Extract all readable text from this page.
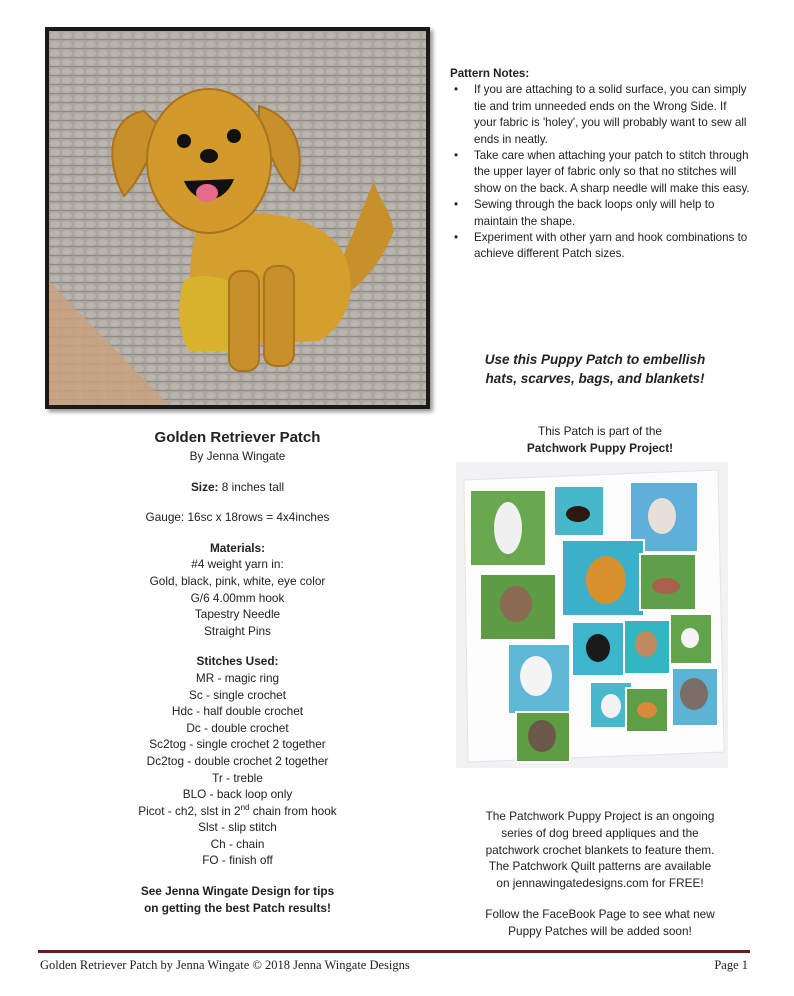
Pattern Notes:
• If you are attaching to a solid surface, you can simply tie and trim unneeded ends on the Wrong Side. If your fabric is 'holey', you will probably want to sew all ends in neatly.
• Take care when attaching your patch to stitch through the upper layer of fabric only so that no stitches will show on the back. A sharp needle will make this easy.
• Sewing through the back loops only will help to maintain the shape.
• Experiment with other yarn and hook combinations to achieve different Patch sizes.
Use this Puppy Patch to embellish
hats, scarves, bags, and blankets!
Golden Retriever Patch
By Jenna Wingate
Size: 8 inches tall
Gauge: 16sc x 18rows = 4x4inches
Materials:
#4 weight yarn in:
Gold, black, pink, white, eye color
G/6 4.00mm hook
Tapestry Needle
Straight Pins
Stitches Used:
MR - magic ring
Sc - single crochet
Hdc - half double crochet
Dc - double crochet
Sc2tog - single crochet 2 together
Dc2tog - double crochet 2 together
Tr - treble
BLO - back loop only
Picot - ch2, slst in 2nd chain from hook
Slst - slip stitch
Ch - chain
FO - finish off
See Jenna Wingate Design for tips
on getting the best Patch results!
This Patch is part of the
Patchwork Puppy Project!
The Patchwork Puppy Project is an ongoing
series of dog breed appliques and the
patchwork crochet blankets to feature them.
The Patchwork Quilt patterns are available
on jennawingatedesigns.com for FREE!
Follow the FaceBook Page to see what new
Puppy Patches will be added soon!
Golden Retriever Patch by Jenna Wingate © 2018 Jenna Wingate Designs	Page 1
